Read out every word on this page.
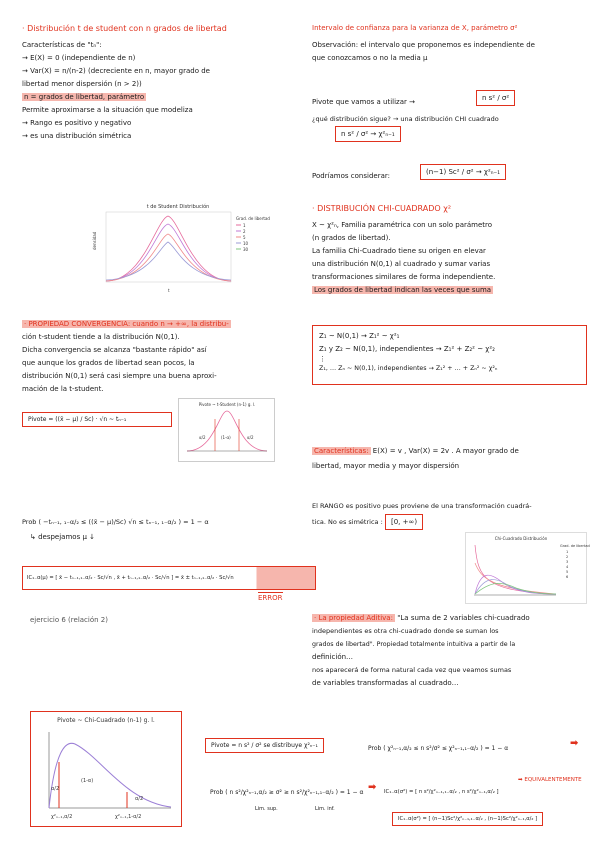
· Distribución t de student con n grados de libertad
Características de "tₙ":
→ E(X) = 0 (independiente de n)
→ Var(X) = n/(n-2) (decreciente en n, mayor grado de
libertad menor dispersión (n > 2))
n = grados de libertad, parámetro
Permite aproximarse a la situación que modeliza
→ Rango es positivo y negativo
→ es una distribución simétrica
t de Student Distribución
densidad
t
Grad. de libertad
1
2
5
10
30
· PROPIEDAD CONVERGENCIA: cuando n → +∞, la distribu-
ción t-student tiende a la distribución N(0,1).
Dicha convergencia se alcanza "bastante rápido" así
que aunque los grados de libertad sean pocos, la
distribución N(0,1) será casi siempre una buena aproxi-
mación de la t-student.
Pivote = ((x̄ − μ) / Sc) · √n ~ tₙ₋₁
Pivote ~ t-Student (n-1) g. l.
α/2	(1-α)	α/2
Prob ( −tₙ₋₁, ₁₋α/₂ ≤ ((x̄ − μ)/Sc) √n ≤ tₙ₋₁, ₁₋α/₂ ) = 1 − α
↳ despejamos μ ↓
IC₁₋α(μ) = [ x̄ − tₙ₋₁,₁₋α/₂ · Sc/√n , x̄ + tₙ₋₁,₁₋α/₂ · Sc/√n ] = x̄ ± tₙ₋₁,₁₋α/₂ · Sc/√n
ERROR
ejercicio 6 (relación 2)
Pivote ~ Chi-Cuadrado (n-1) g. l.
α/2
(1-α)
α/2
χ²ₙ₋₁,α/2	χ²ₙ₋₁,1-α/2
Intervalo de confianza para la varianza de X, parámetro σ²
Observación: el intervalo que proponemos es independiente de
que conozcamos o no la media μ
Pivote que vamos a utilizar →	n s² / σ²
¿qué distribución sigue? → una distribución CHI cuadrado
n s² / σ² → χ²ₙ₋₁
Podríamos considerar:	(n−1) Sc² / σ² → χ²ₙ₋₁
· DISTRIBUCIÓN CHI-CUADRADO χ²
X ~ χ²ₙ, Familia paramétrica con un solo parámetro
(n grados de libertad).
La familia Chi-Cuadrado tiene su origen en elevar
una distribución N(0,1) al cuadrado y sumar varias
transformaciones similares de forma independiente.
Los grados de libertad indican las veces que suma
Z₁ ~ N(0,1) → Z₁² ~ χ²₁
Z₁ y Z₂ ~ N(0,1), independientes → Z₁² + Z₂² ~ χ²₂
⋮
Z₁, … Zₙ ~ N(0,1), independientes → Z₁² + … + Zₙ² ~ χ²ₙ
Características: E(X) = v , Var(X) = 2v . A mayor grado de
libertad, mayor media y mayor dispersión
El RANGO es positivo pues proviene de una transformación cuadrá-
tica. No es simétrica : [0, +∞)
Chi-Cuadrado Distribución
Grad. de libertad
1
2
3
4
5
6
· La propiedad Aditiva: "La suma de 2 variables chi-cuadrado
independientes es otra chi-cuadrado donde se suman los
grados de libertad". Propiedad totalmente intuitiva a partir de la
definición…
nos aparecerá de forma natural cada vez que veamos sumas
de variables transformadas al cuadrado…
Pivote = n s² / σ² se distribuye χ²ₙ₋₁	Prob ( χ²ₙ₋₁,α/₂ ≤ n s²/σ² ≤ χ²ₙ₋₁,₁₋α/₂ ) = 1 − α	➡
Prob ( n s²/χ²ₙ₋₁,α/₂ ≥ σ² ≥ n s²/χ²ₙ₋₁,₁₋α/₂ ) = 1 − α
Lim. sup.	Lim. inf.
➡ IC₁₋α(σ²) = [ n s²/χ²ₙ₋₁,₁₋α/₂ , n s²/χ²ₙ₋₁,α/₂ ]
➡ EQUIVALENTEMENTE
IC₁₋α(σ²) = [ (n−1)Sc²/χ²ₙ₋₁,₁₋α/₂ , (n−1)Sc²/χ²ₙ₋₁,α/₂ ]
